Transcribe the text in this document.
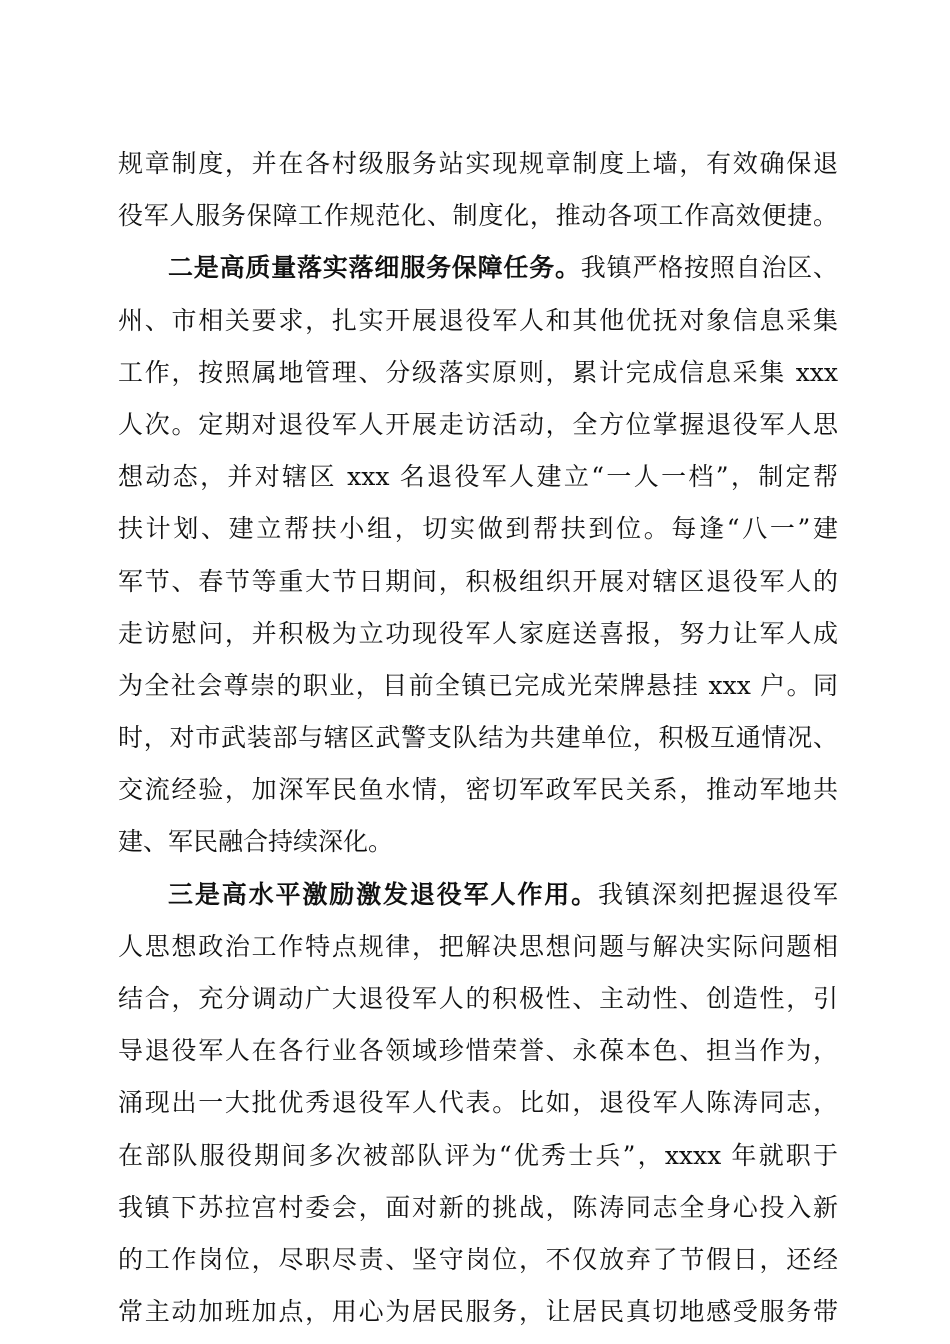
规章制度，并在各村级服务站实现规章制度上墙，有效确保退
役军人服务保障工作规范化、制度化，推动各项工作高效便捷。
二是高质量落实落细服务保障任务。我镇严格按照自治区、
州、市相关要求，扎实开展退役军人和其他优抚对象信息采集
工作，按照属地管理、分级落实原则，累计完成信息采集 xxx
人次。定期对退役军人开展走访活动，全方位掌握退役军人思
想动态，并对辖区 xxx 名退役军人建立“一人一档”，制定帮
扶计划、建立帮扶小组，切实做到帮扶到位。每逢“八一”建
军节、春节等重大节日期间，积极组织开展对辖区退役军人的
走访慰问，并积极为立功现役军人家庭送喜报，努力让军人成
为全社会尊崇的职业，目前全镇已完成光荣牌悬挂 xxx 户。同
时，对市武装部与辖区武警支队结为共建单位，积极互通情况、
交流经验，加深军民鱼水情，密切军政军民关系，推动军地共
建、军民融合持续深化。
三是高水平激励激发退役军人作用。我镇深刻把握退役军
人思想政治工作特点规律，把解决思想问题与解决实际问题相
结合，充分调动广大退役军人的积极性、主动性、创造性，引
导退役军人在各行业各领域珍惜荣誉、永葆本色、担当作为，
涌现出一大批优秀退役军人代表。比如，退役军人陈涛同志，
在部队服役期间多次被部队评为“优秀士兵”，xxxx 年就职于
我镇下苏拉宫村委会，面对新的挑战，陈涛同志全身心投入新
的工作岗位，尽职尽责、坚守岗位，不仅放弃了节假日，还经
常主动加班加点，用心为居民服务，让居民真切地感受服务带
